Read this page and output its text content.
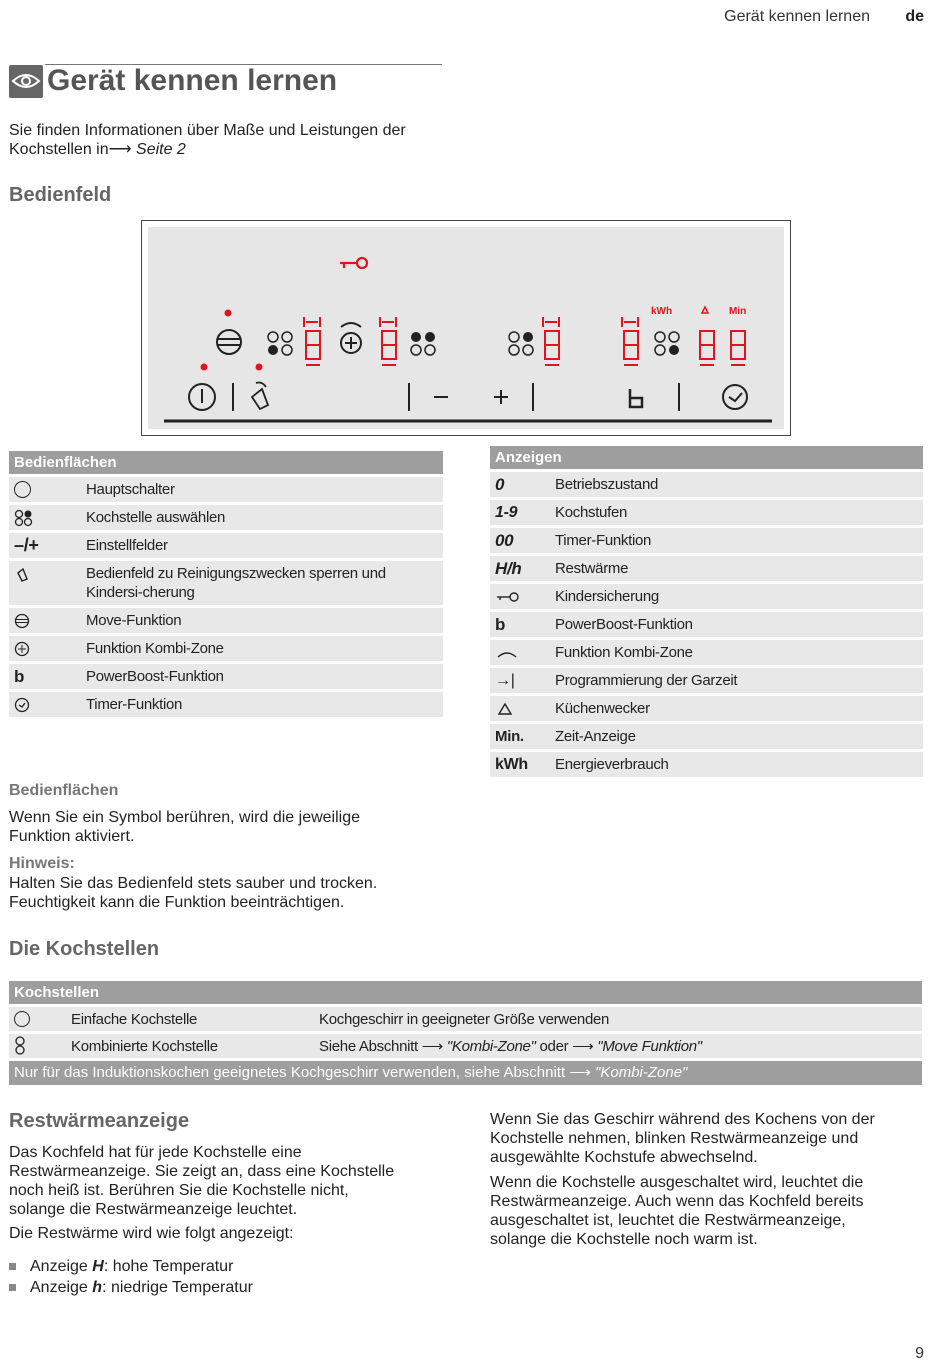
Gerät kennen lernen de
Gerät kennen lernen
Sie finden Informationen über Maße und Leistungen der
Kochstellen in⟶ Seite 2
Bedienfeld
kWh	Min
Bedienflächen
Hauptschalter
Kochstelle auswählen
–/+	Einstellfelder
Bedienfeld zu Reinigungszwecken sperren und Kindersi-cherung
Move-Funktion
Funktion Kombi-Zone
b	PowerBoost-Funktion
Timer-Funktion
Anzeigen
0	Betriebszustand
1-9	Kochstufen
00	Timer-Funktion
H/h	Restwärme
Kindersicherung
b	PowerBoost-Funktion
Funktion Kombi-Zone
→|	Programmierung der Garzeit
Küchenwecker
Min.	Zeit-Anzeige
kWh	Energieverbrauch
Bedienflächen
Wenn Sie ein Symbol berühren, wird die jeweilige
Funktion aktiviert.
Hinweis:
Halten Sie das Bedienfeld stets sauber und trocken.
Feuchtigkeit kann die Funktion beeinträchtigen.
Die Kochstellen
Kochstellen
Einfache Kochstelle	Kochgeschirr in geeigneter Größe verwenden
Kombinierte Kochstelle	Siehe Abschnitt ⟶ "Kombi-Zone" oder ⟶ "Move Funktion"
Nur für das Induktionskochen geeignetes Kochgeschirr verwenden, siehe Abschnitt ⟶ "Kombi-Zone"
Restwärmeanzeige
Das Kochfeld hat für jede Kochstelle eine
Restwärmeanzeige. Sie zeigt an, dass eine Kochstelle
noch heiß ist. Berühren Sie die Kochstelle nicht,
solange die Restwärmeanzeige leuchtet.
Die Restwärme wird wie folgt angezeigt:
Anzeige H: hohe Temperatur
Anzeige h: niedrige Temperatur
Wenn Sie das Geschirr während des Kochens von der
Kochstelle nehmen, blinken Restwärmeanzeige und
ausgewählte Kochstufe abwechselnd.
Wenn die Kochstelle ausgeschaltet wird, leuchtet die
Restwärmeanzeige. Auch wenn das Kochfeld bereits
ausgeschaltet ist, leuchtet die Restwärmeanzeige,
solange die Kochstelle noch warm ist.
9
